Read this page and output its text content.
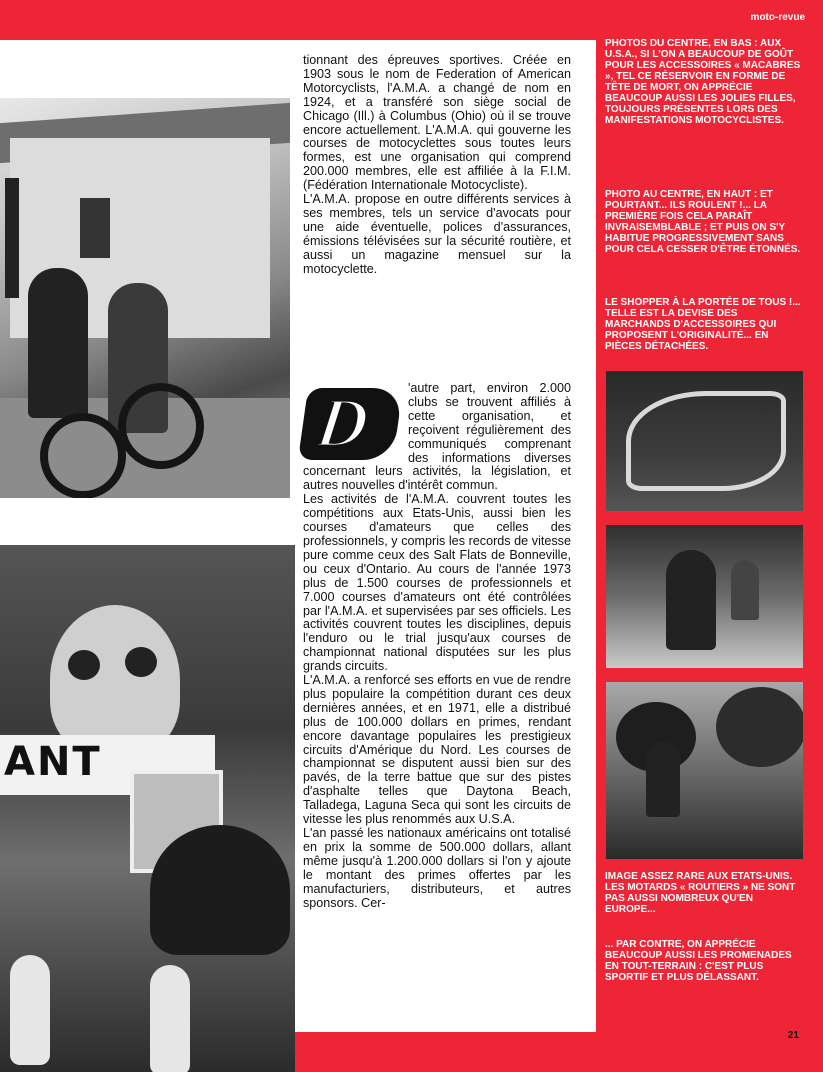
moto-revue
ANT

tionnant des épreuves sportives. Créée en 1903 sous le nom de Federation of American Motorcyclists, l'A.M.A. a changé de nom en 1924, et a transféré son siège social de Chicago (Ill.) à Columbus (Ohio) où il se trouve encore actuellement. L'A.M.A. qui gouverne les courses de motocyclettes sous toutes leurs formes, est une organisation qui comprend 200.000 membres, elle est affiliée à la F.I.M. (Fédération Internationale Motocycliste).

L'A.M.A. propose en outre différents services à ses membres, tels un service d'avocats pour une aide éventuelle, polices d'assurances, émissions télévisées sur la sécurité routière, et aussi un magazine mensuel sur la motocyclette.

D	'autre part, environ 2.000 clubs se trouvent affiliés à cette organisation, et reçoivent régulièrement des communiqués comprenant des informations diverses concernant leurs activités, la législation, et autres nouvelles d'intérêt commun.

Les activités de l'A.M.A. couvrent toutes les compétitions aux Etats-Unis, aussi bien les courses d'amateurs que celles des professionnels, y compris les records de vitesse pure comme ceux des Salt Flats de Bonneville, ou ceux d'Ontario. Au cours de l'année 1973 plus de 1.500 courses de professionnels et 7.000 courses d'amateurs ont été contrôlées par l'A.M.A. et supervisées par ses officiels. Les activités couvrent toutes les disciplines, depuis l'enduro ou le trial jusqu'aux courses de championnat national disputées sur les plus grands circuits.

L'A.M.A. a renforcé ses efforts en vue de rendre plus populaire la compétition durant ces deux dernières années, et en 1971, elle a distribué plus de 100.000 dollars en primes, rendant encore davantage populaires les prestigieux circuits d'Amérique du Nord. Les courses de championnat se disputent aussi bien sur des pavés, de la terre battue que sur des pistes d'asphalte telles que Daytona Beach, Talladega, Laguna Seca qui sont les circuits de vitesse les plus renommés aux U.S.A.

L'an passé les nationaux américains ont totalisé en prix la somme de 500.000 dollars, allant même jusqu'à 1.200.000 dollars si l'on y ajoute le montant des primes offertes par les manufacturiers, distributeurs, et autres sponsors. Cer-

PHOTOS DU CENTRE, EN BAS : AUX U.S.A., SI L'ON A BEAUCOUP DE GOÛT POUR LES ACCESSOIRES « MACABRES », TEL CE RÉSERVOIR EN FORME DE TÊTE DE MORT, ON APPRÉCIE BEAUCOUP AUSSI LES JOLIES FILLES, TOUJOURS PRÉSENTES LORS DES MANIFESTATIONS MOTOCYCLISTES.

PHOTO AU CENTRE, EN HAUT : ET POURTANT... ILS ROULENT !... LA PREMIÈRE FOIS CELA PARAÎT INVRAISEMBLABLE ; ET PUIS ON S'Y HABITUE PROGRESSIVEMENT SANS POUR CELA CESSER D'ÊTRE ÉTONNÉS.

LE SHOPPER À LA PORTÉE DE TOUS !... TELLE EST LA DEVISE DES MARCHANDS D'ACCESSOIRES QUI PROPOSENT L'ORIGINALITÉ... EN PIÈCES DÉTACHÉES.

IMAGE ASSEZ RARE AUX ETATS-UNIS. LES MOTARDS « ROUTIERS » NE SONT PAS AUSSI NOMBREUX QU'EN EUROPE...

... PAR CONTRE, ON APPRÉCIE BEAUCOUP AUSSI LES PROMENADES EN TOUT-TERRAIN : C'EST PLUS SPORTIF ET PLUS DÉLASSANT.

21
